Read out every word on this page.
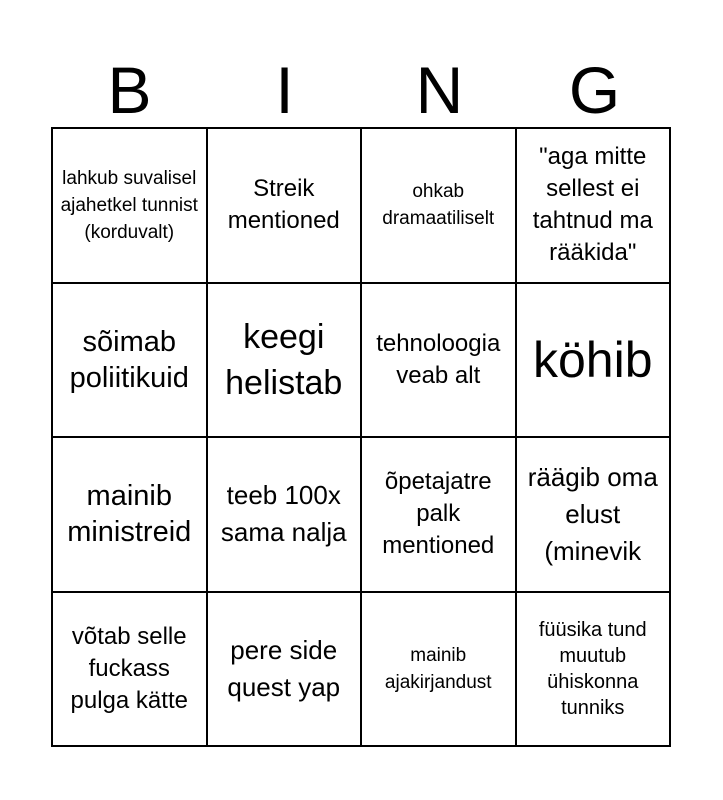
B	I	N	G
lahkub suvalisel ajahetkel tunnist (korduvalt)
Streik mentioned
ohkab dramaatiliselt
"aga mitte sellest ei tahtnud ma rääkida"
sõimab poliitikuid
keegi helistab
tehnoloogia veab alt	köhib
mainib ministreid
teeb 100x sama nalja
õpetajatre palk mentioned
räägib oma elust (minevik
võtab selle fuckass pulga kätte
pere side quest yap
mainib ajakirjandust
füüsika tund muutub ühiskonna tunniks
